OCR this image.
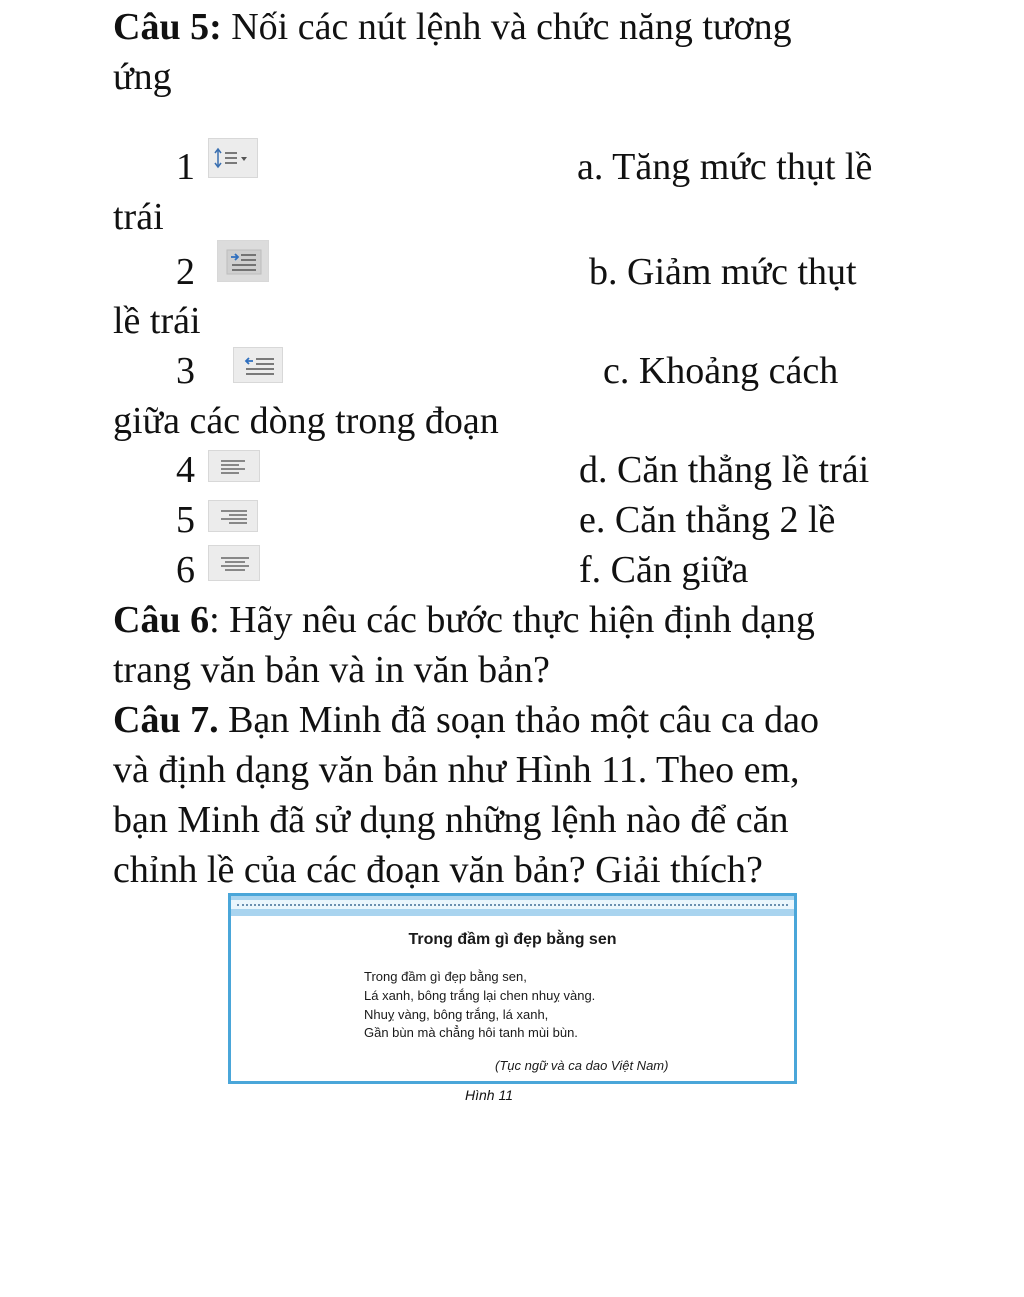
Câu 5: Nối các nút lệnh và chức năng tương
ứng
1	a. Tăng mức thụt lề
trái
2	b. Giảm mức thụt
lề trái
3	c. Khoảng cách
giữa các dòng trong đoạn
4	d. Căn thẳng lề trái
5	e. Căn thẳng 2 lề
6	f. Căn giữa
Câu 6: Hãy nêu các bước thực hiện định dạng
trang văn bản và in văn bản?
Câu 7. Bạn Minh đã soạn thảo một câu ca dao
và định dạng văn bản như Hình 11. Theo em,
bạn Minh đã sử dụng những lệnh nào để căn
chỉnh lề của các đoạn văn bản? Giải thích?
Trong đầm gì đẹp bằng sen
Trong đầm gì đẹp bằng sen,
Lá xanh, bông trắng lại chen nhuỵ vàng.
Nhuỵ vàng, bông trắng, lá xanh,
Gần bùn mà chẳng hôi tanh mùi bùn.
(Tục ngữ và ca dao Việt Nam)
Hình 11
